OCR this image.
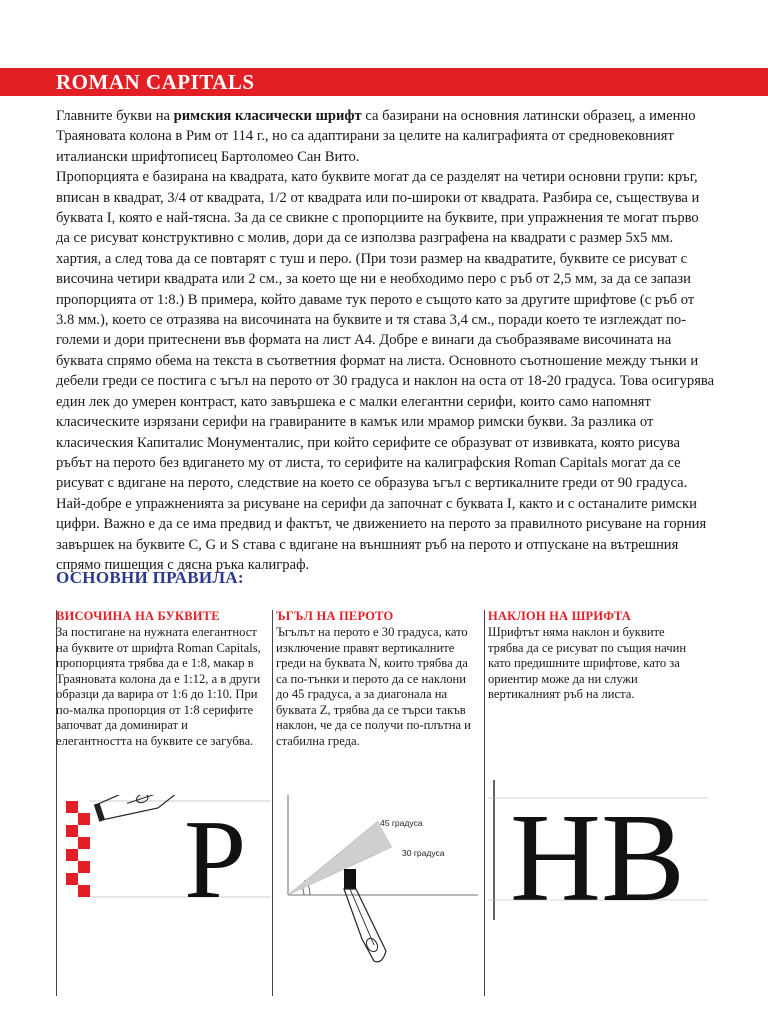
ROMAN CAPITALS

Главните букви на римския класически шрифт са базирани на основния латински образец, а именно Траяновата колона в Рим от 114 г., но са адаптирани за целите на калиграфията от средновековният италиански шрифтописец Бартоломео Сан Вито.

Пропорцията е базирана на квадрата, като буквите могат да се разделят на четири основни групи: кръг, вписан в квадрат, 3/4 от квадрата, 1/2 от квадрата или по-широки от квадрата. Разбира се, съществува и буквата I, която е най-тясна. За да се свикне с пропорциите на буквите, при упражнения те могат първо да се рисуват конструктивно с молив, дори да се използва разграфена на квадрати с размер 5х5 мм. хартия, а след това да се повтарят с туш и перо. (При този размер на квадратите, буквите се рисуват с височина четири квадрата или 2 см., за което ще ни е необходимо перо с ръб от 2,5 мм, за да се запази пропорцията от 1:8.) В примера, който даваме тук перото е същото като за другите шрифтове (с ръб от 3.8 мм.), което се отразява на височината на буквите и тя става 3,4 см., поради което те изглеждат по-големи и дори притеснени във формата на лист А4. Добре е винаги да съобразяваме височината на буквата спрямо обема на текста в съответния формат на листа. Основното съотношение между тънки и дебели греди се постига с ъгъл на перото от 30 градуса и наклон на оста от 18-20 градуса. Това осигурява един лек до умерен контраст, като завършека е с малки елегантни серифи, които само напомнят класическите изрязани серифи на гравираните в камък или мрамор римски букви. За разлика от класическия Капиталис Монументалис, при който серифите се образуват от извивката, която рисува ръбът на перото без вдигането му от листа, то серифите на калиграфския Roman Capitals могат да се рисуват с вдигане на перото, следствие на което се образува ъгъл с вертикалните греди от 90 градуса. Най-добре е упражненията за рисуване на серифи да започнат с буквата I, както и с останалите римски цифри. Важно е да се има предвид и фактът, че движението на перото за правилното рисуване на горния завършек на буквите C, G и S става с вдигане на външният ръб на перото и отпускане на вътрешния спрямо пишещия с дясна ръка калиграф.

ОСНОВНИ ПРАВИЛА:
ВИСОЧИНА НА БУКВИТЕ
За постигане на нужната елегантност на буквите от шрифта Roman Capitals, пропорцията трябва да е 1:8, макар в Траяновата колона да е 1:12, а в други образци да варира от 1:6 до 1:10. При по-малка пропорция от 1:8 серифите започват да доминират и елегантността на буквите се загубва.
ЪГЪЛ НА ПЕРОТО
Ъгълът на перото е 30 градуса, като изключение правят вертикалните греди на буквата N, които трябва да са по-тънки и перото да се наклони до 45 градуса, а за диагонала на буквата Z, трябва да се търси такъв наклон, че да се получи по-плътна и стабилна греда.
НАКЛОН НА ШРИФТА
Шрифтът няма наклон и буквите трябва да се рисуват по същия начин като предишните шрифтове, като за ориентир може да ни служи вертикалният ръб на листа.
P	45 градуса
30 градуса HB
